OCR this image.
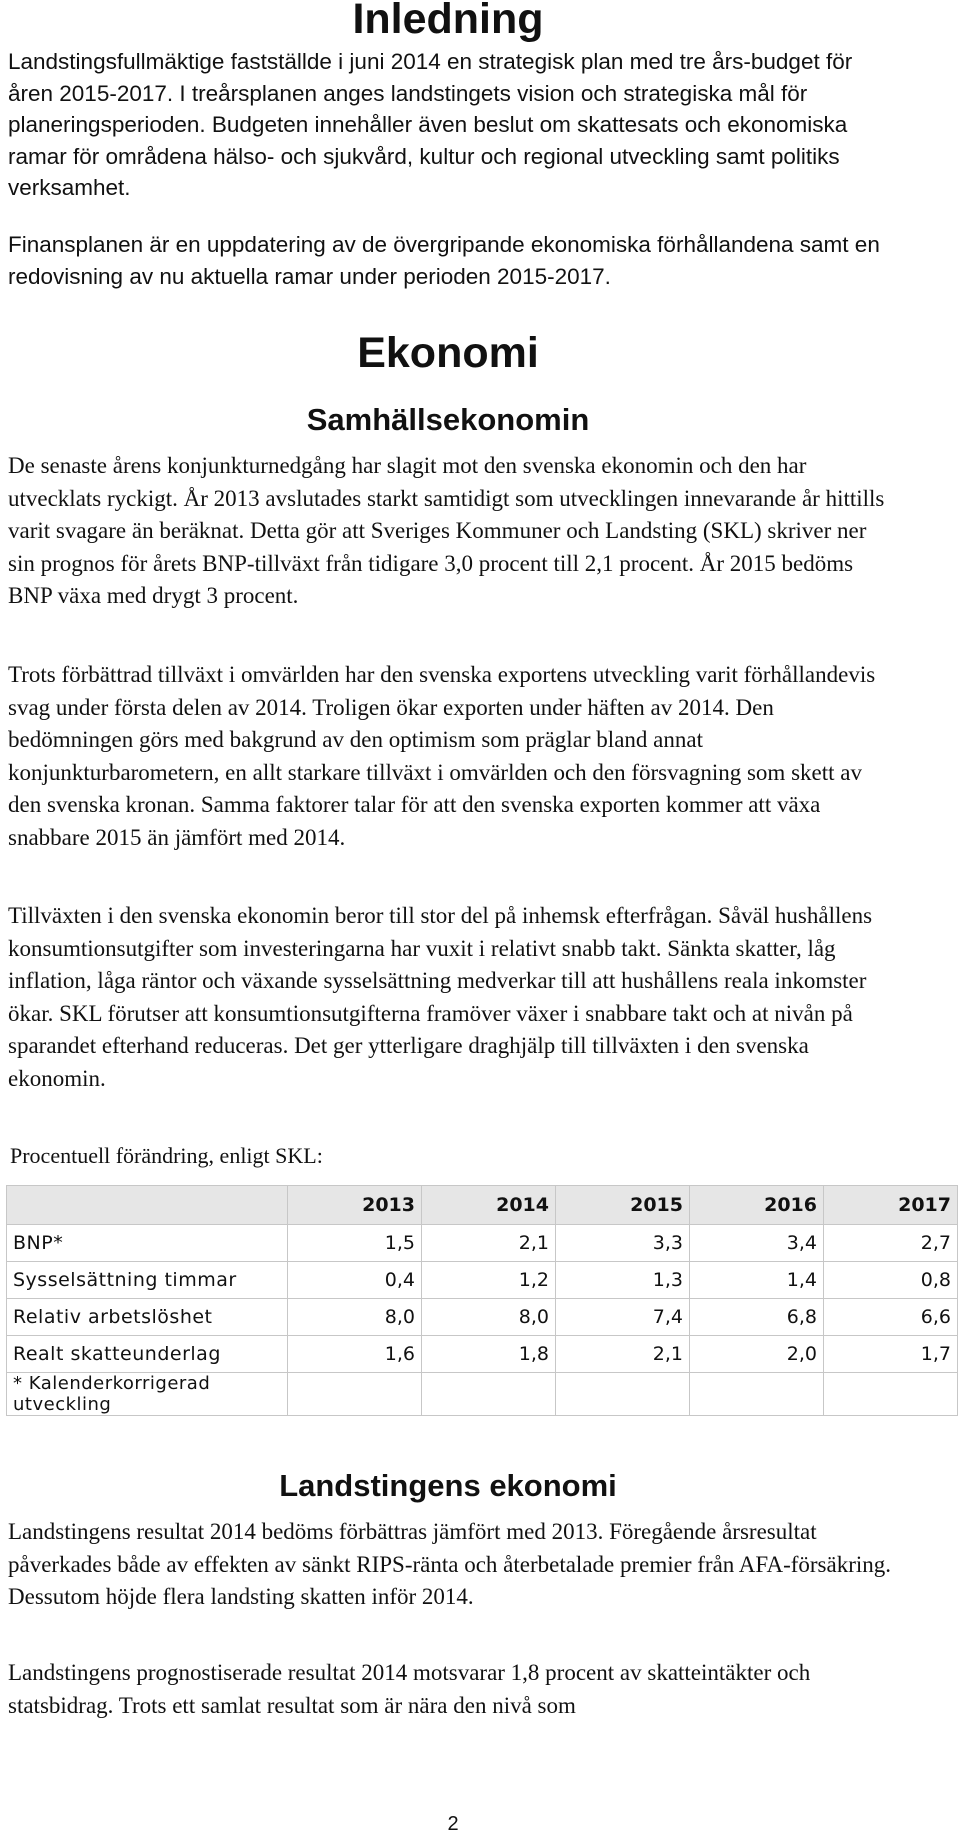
Inledning

Landstingsfullmäktige fastställde i juni 2014 en strategisk plan med tre års-budget för åren 2015-2017. I treårsplanen anges landstingets vision och strategiska mål för planeringsperioden. Budgeten innehåller även beslut om skattesats och ekonomiska ramar för områdena hälso- och sjukvård, kultur och regional utveckling samt politiks verksamhet.

Finansplanen är en uppdatering av de övergripande ekonomiska förhållandena samt en redovisning av nu aktuella ramar under perioden 2015-2017.

Ekonomi
Samhällsekonomin

De senaste årens konjunkturnedgång har slagit mot den svenska ekonomin och den har utvecklats ryckigt. År 2013 avslutades starkt samtidigt som utvecklingen innevarande år hittills varit svagare än beräknat. Detta gör att Sveriges Kommuner och Landsting (SKL) skriver ner sin prognos för årets BNP-tillväxt från tidigare 3,0 procent till 2,1 procent. År 2015 bedöms BNP växa med drygt 3 procent.

Trots förbättrad tillväxt i omvärlden har den svenska exportens utveckling varit förhållandevis svag under första delen av 2014. Troligen ökar exporten under häften av 2014. Den bedömningen görs med bakgrund av den optimism som präglar bland annat konjunkturbarometern, en allt starkare tillväxt i omvärlden och den försvagning som skett av den svenska kronan. Samma faktorer talar för att den svenska exporten kommer att växa snabbare 2015 än jämfört med 2014.

Tillväxten i den svenska ekonomin beror till stor del på inhemsk efterfrågan. Såväl hushållens konsumtionsutgifter som investeringarna har vuxit i relativt snabb takt. Sänkta skatter, låg inflation, låga räntor och växande sysselsättning medverkar till att hushållens reala inkomster ökar. SKL förutser att konsumtionsutgifterna framöver växer i snabbare takt och at nivån på sparandet efterhand reduceras. Det ger ytterligare draghjälp till tillväxten i den svenska ekonomin.

Procentuell förändring, enligt SKL:

	2013	2014	2015	2016	2017
BNP*	1,5	2,1	3,3	3,4	2,7
Sysselsättning timmar	0,4	1,2	1,3	1,4	0,8
Relativ arbetslöshet	8,0	8,0	7,4	6,8	6,6
Realt skatteunderlag	1,6	1,8	2,1	2,0	1,7
* Kalenderkorrigerad utveckling					
Landstingens ekonomi

Landstingens resultat 2014 bedöms förbättras jämfört med 2013. Föregående årsresultat påverkades både av effekten av sänkt RIPS-ränta och återbetalade premier från AFA-försäkring. Dessutom höjde flera landsting skatten inför 2014.

Landstingens prognostiserade resultat 2014 motsvarar 1,8 procent av skatteintäkter och statsbidrag. Trots ett samlat resultat som är nära den nivå som

2
